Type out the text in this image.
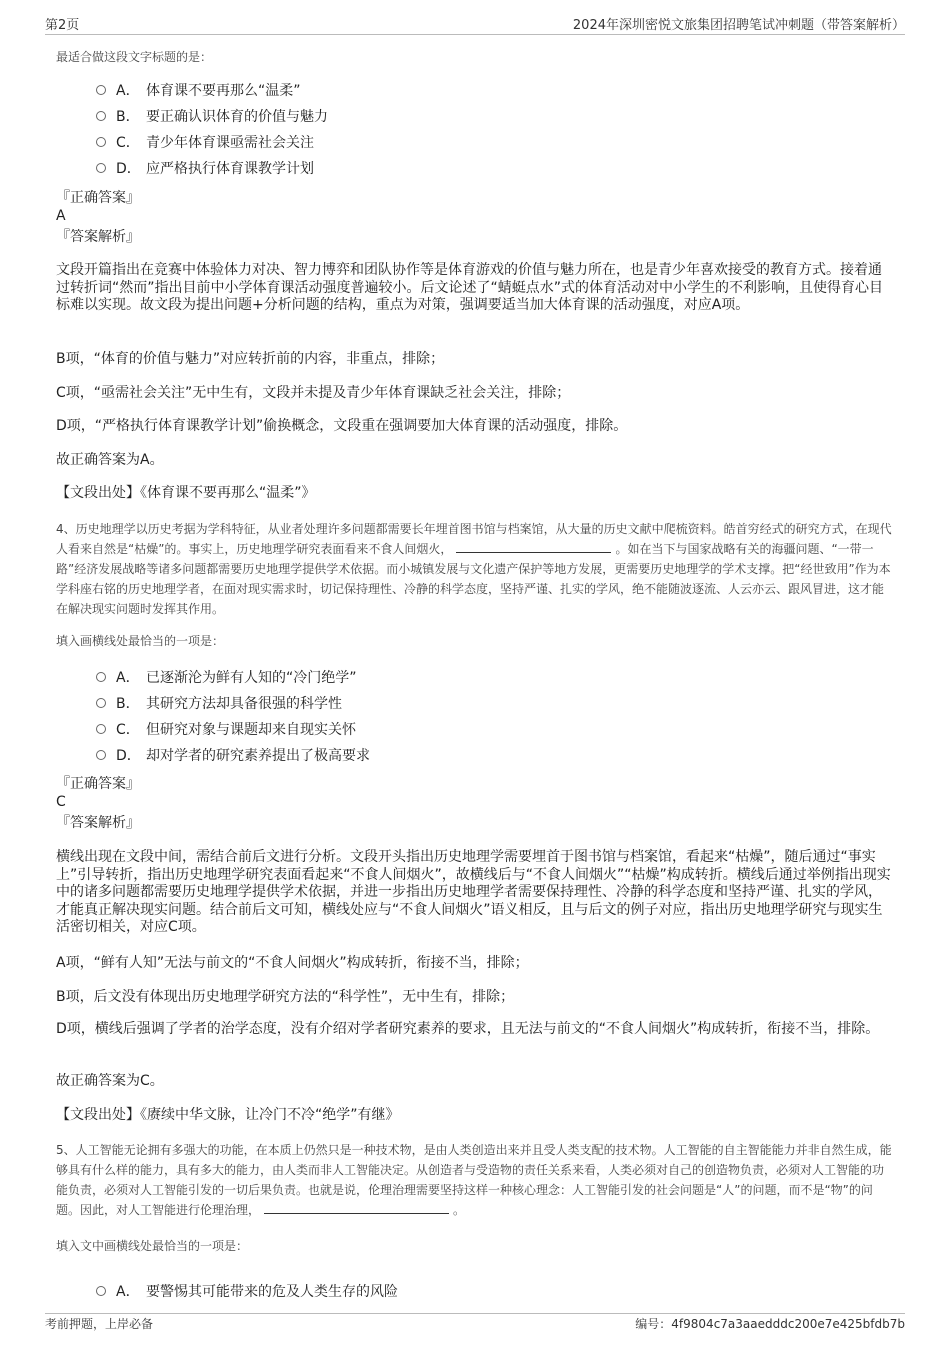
第2页	2024年深圳密悦文旅集团招聘笔试冲刺题（带答案解析）
最适合做这段文字标题的是：
A． 体育课不要再那么“温柔”
B． 要正确认识体育的价值与魅力
C． 青少年体育课亟需社会关注
D． 应严格执行体育课教学计划
『正确答案』
A
『答案解析』
文段开篇指出在竞赛中体验体力对决、智力博弈和团队协作等是体育游戏的价值与魅力所在，也是青少年喜欢接受的教育方式。接着通过转折词“然而”指出目前中小学体育课活动强度普遍较小。后文论述了“蜻蜓点水”式的体育活动对中小学生的不利影响，且使得育心目标难以实现。故文段为提出问题+分析问题的结构，重点为对策，强调要适当加大体育课的活动强度，对应A项。
B项，“体育的价值与魅力”对应转折前的内容，非重点，排除；
C项，“亟需社会关注”无中生有，文段并未提及青少年体育课缺乏社会关注，排除；
D项，“严格执行体育课教学计划”偷换概念，文段重在强调要加大体育课的活动强度，排除。
故正确答案为A。
【文段出处】《体育课不要再那么“温柔”》
4、历史地理学以历史考据为学科特征，从业者处理许多问题都需要长年埋首图书馆与档案馆，从大量的历史文献中爬梳资料。皓首穷经式的研究方式，在现代人看来自然是“枯燥”的。事实上，历史地理学研究表面看来不食人间烟火，	。如在当下与国家战略有关的海疆问题、“一带一路”经济发展战略等诸多问题都需要历史地理学提供学术依据。而小城镇发展与文化遗产保护等地方发展，更需要历史地理学的学术支撑。把“经世致用”作为本学科座右铭的历史地理学者，在面对现实需求时，切记保持理性、冷静的科学态度，坚持严谨、扎实的学风，绝不能随波逐流、人云亦云、跟风冒进，这才能在解决现实问题时发挥其作用。
填入画横线处最恰当的一项是：
A． 已逐渐沦为鲜有人知的“冷门绝学”
B． 其研究方法却具备很强的科学性
C． 但研究对象与课题却来自现实关怀
D． 却对学者的研究素养提出了极高要求
『正确答案』
C
『答案解析』
横线出现在文段中间，需结合前后文进行分析。文段开头指出历史地理学需要埋首于图书馆与档案馆，看起来“枯燥”，随后通过“事实上”引导转折，指出历史地理学研究表面看起来“不食人间烟火”，故横线后与“不食人间烟火”“枯燥”构成转折。横线后通过举例指出现实中的诸多问题都需要历史地理学提供学术依据，并进一步指出历史地理学者需要保持理性、冷静的科学态度和坚持严谨、扎实的学风，才能真正解决现实问题。结合前后文可知，横线处应与“不食人间烟火”语义相反，且与后文的例子对应，指出历史地理学研究与现实生活密切相关，对应C项。
A项，“鲜有人知”无法与前文的“不食人间烟火”构成转折，衔接不当，排除；
B项，后文没有体现出历史地理学研究方法的“科学性”，无中生有，排除；
D项，横线后强调了学者的治学态度，没有介绍对学者研究素养的要求，且无法与前文的“不食人间烟火”构成转折，衔接不当，排除。
故正确答案为C。
【文段出处】《赓续中华文脉，让冷门不冷“绝学”有继》
5、人工智能无论拥有多强大的功能，在本质上仍然只是一种技术物，是由人类创造出来并且受人类支配的技术物。人工智能的自主智能能力并非自然生成，能够具有什么样的能力，具有多大的能力，由人类而非人工智能决定。从创造者与受造物的责任关系来看，人类必须对自己的创造物负责，必须对人工智能的功能负责，必须对人工智能引发的一切后果负责。也就是说，伦理治理需要坚持这样一种核心理念：人工智能引发的社会问题是“人”的问题，而不是“物”的问题。因此，对人工智能进行伦理治理，	。
填入文中画横线处最恰当的一项是：
A． 要警惕其可能带来的危及人类生存的风险
考前押题，上岸必备	编号：4f9804c7a3aaedddc200e7e425bfdb7b
